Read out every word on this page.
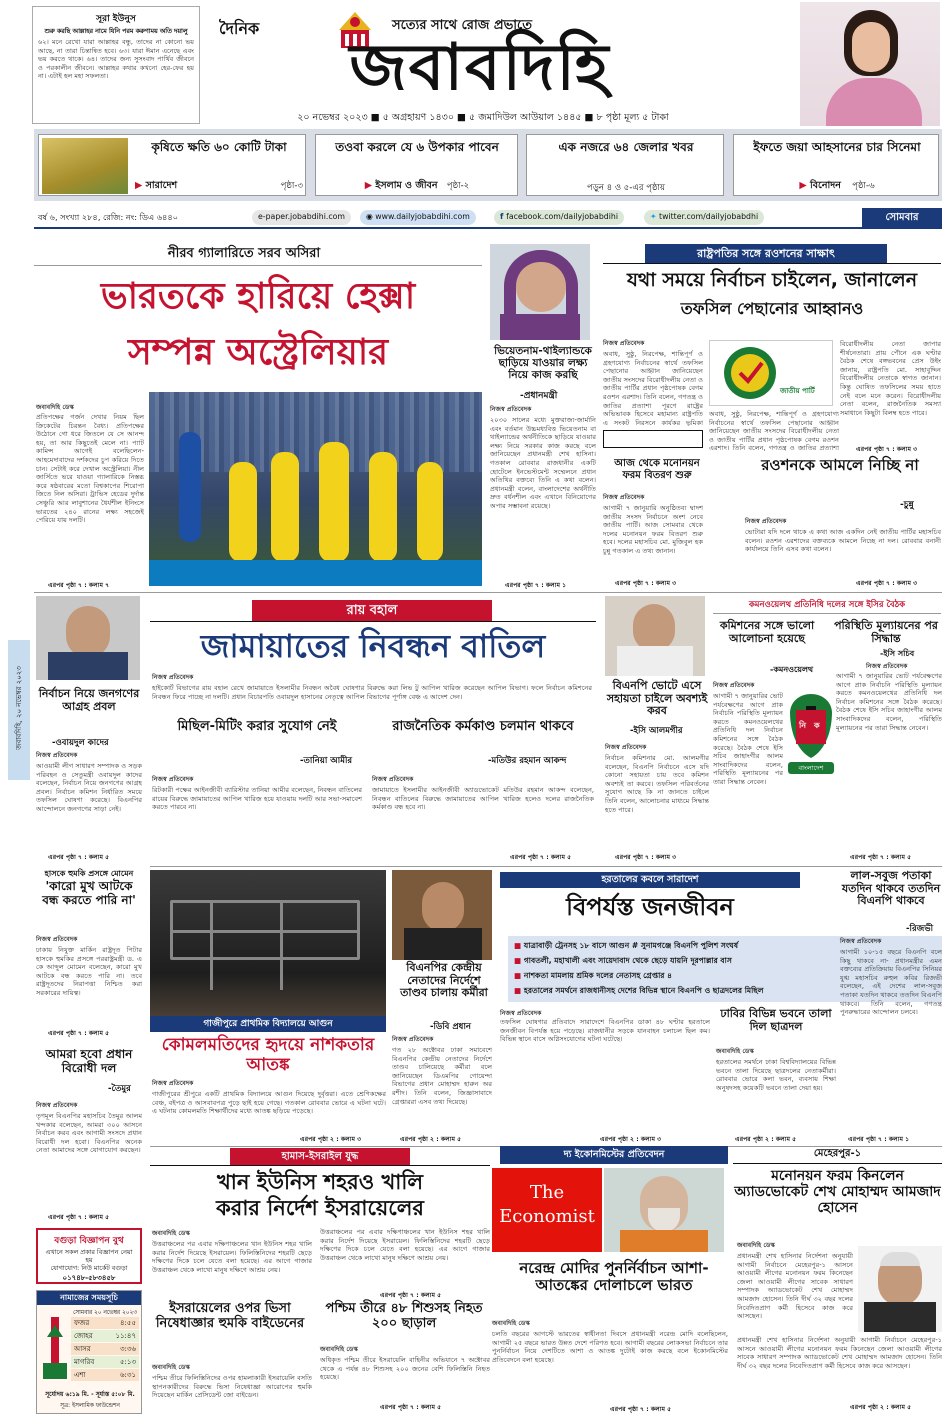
সূরা ইউনুস
শুরু করছি আল্লাহর নামে যিনি পরম করুণাময় অতি দয়ালু
৬২। মনে রেখো যারা আল্লাহর বন্ধু, তাদের না কোনো ভয় আছে, না তারা চিন্তান্বিত হবে। ৬৩। যারা ঈমান এনেছে এবং ভয় করতে থাকে। ৬৪। তাদের জন্য সুসংবাদ পার্থিব জীবনে ও পরকালীন জীবনে। আল্লাহর কথার কখনো হের-ফের হয় না। এটাই হল মহা সফলতা।
দৈনিক	সত্যের সাথে রোজ প্রভাতে
জবাবদিহি
২০ নভেম্বর ২০২৩ ■ ৫ অগ্রহায়ণ ১৪৩০ ■ ৫ জমাদিউল আউয়াল ১৪৪৫ ■ ৮ পৃষ্ঠা মূল্য ৫ টাকা
কৃষিতে ক্ষতি ৬০ কোটি টাকা
▶ সারাদেশ	পৃষ্ঠা-৩
তওবা করলে যে ৬ উপকার পাবেন
▶ ইসলাম ও জীবন পৃষ্ঠা-২
এক নজরে ৬৪ জেলার খবর
পড়ুন ৪ ও ৫-এর পৃষ্ঠায়
ইফতে জয়া আহসানের চার সিনেমা
▶ বিনোদন পৃষ্ঠা-৬
বর্ষ ৬, সংখ্যা ২৮৪, রেজি: নং: ডিএ ৬৪৪০	e-paper.jobabdihi.com	◉ www.dailyjobabdihi.com	f facebook.com/dailyjobabdihi	✦ twitter.com/dailyjobabdhi	সোমবার
জবাবদিহি, ২০ নভেম্বর ২০২৩
নীরব গ্যালারিতে সরব অসিরা
ভারতকে হারিয়ে হেক্সা
সম্পন্ন অস্ট্রেলিয়ার
জবাবদিহি ডেস্ক
প্রতিপক্ষের গর্জন দেখার নিয়ম ছিল ক্রিকেটের চিরন্তন বৈধ্য। প্রতিপক্ষের উঠোনে গো ধরে জিতলে যে সে আনন্দ হয়, তা আর কিছুতেই মেলে না। প্যাট কামিন্স আগেই বলেছিলেন- আহমেদাবাদের দর্শকদের চুপ করিয়ে দিতে চান। সেটাই করে দেখাল অস্ট্রেলিয়া। নীল জার্সিতে ভরে যাওয়া গ্যালারিকে নিস্তব্ধ করে ষষ্ঠবারের মতো বিশ্বকাপের শিরোপা জিতে নিল অসিরা। ট্রাভিস হেডের দুর্দান্ত সেঞ্চুরি আর লাবুশানের ধৈর্যশীল ইনিংসে ভারতের ২৪০ রানের লক্ষ্য সহজেই পেরিয়ে যায় দলটি।
এরপর পৃষ্ঠা ৭ : কলাম ৭
ভিয়েতনাম-থাইল্যান্ডকে ছাড়িয়ে যাওয়ার লক্ষ্য নিয়ে কাজ করছি
-প্রধানমন্ত্রী
নিজস্ব প্রতিবেদক
২০৩০ সালের মধ্যে মুক্তরাজ্য-জার্মানি এবং বর্তমান উচ্চমধ্যবিত্ত ভিয়েতনাম বা থাইল্যান্ডের অর্থনীতিকে ছাড়িয়ে যাওয়ার লক্ষ্য নিয়ে সরকার কাজ করছে বলে জানিয়েছেন প্রধানমন্ত্রী শেখ হাসিনা। গতকাল রোববার রাজধানীর একটি হোটেলে ইনভেস্টমেন্ট সম্মেলনে প্রধান অতিথির বক্তব্যে তিনি এ কথা বলেন। প্রধানমন্ত্রী বলেন, বাংলাদেশের অর্থনীতি দ্রুত বর্ধনশীল এবং এখানে বিনিয়োগের অপার সম্ভাবনা রয়েছে।
এরপর পৃষ্ঠা ৭ : কলাম ১
রাষ্ট্রপতির সঙ্গে রওশনের সাক্ষাৎ
যথা সময়ে নির্বাচন চাইলেন, জানালেন
তফসিল পেছানোর আহ্বানও
নিজস্ব প্রতিবেদক
অবাধ, সুষ্ঠু, নিরপেক্ষ, শান্তিপূর্ণ ও গ্রহণযোগ্য নির্বাচনের স্বার্থে তফসিল পেছানোর আহ্বান জানিয়েছেন জাতীয় সংসদের বিরোধীদলীয় নেতা ও জাতীয় পার্টির প্রধান পৃষ্ঠপোষক বেগম রওশন এরশাদ। তিনি বলেন, গণতন্ত্র ও জাতির প্রত্যাশা পূরণে রাষ্ট্রের অভিভাবক হিসেবে মহামান্য রাষ্ট্রপতি এ সংকট নিরসনে কার্যকর ভূমিকা
জাতীয় পার্টি
বিরোধীদলীয় নেতা জাপার শীর্ষনেতারা। প্রায় পৌনে এক ঘণ্টার বৈঠক শেষে বঙ্গভবনের প্রেস উইং জানায়, রাষ্ট্রপতি মো. সাহাবুদ্দিন বিরোধীদলীয় নেতাকে স্বাগত জানান। কিন্তু ঘোষিত তফসিলের সময় হাতে নেই বলে মনে করেন। বিরোধীদলীয় নেতা বলেন, রাজনৈতিক সমস্যা সমাধানে কিছুটা বিলম্ব হতে পারে।
অবাধ, সুষ্ঠু, নিরপেক্ষ, শান্তিপূর্ণ ও গ্রহণযোগ্য নির্বাচনের স্বার্থে তফসিল পেছানোর আহ্বান জানিয়েছেন জাতীয় সংসদের বিরোধীদলীয় নেতা ও জাতীয় পার্টির প্রধান পৃষ্ঠপোষক বেগম রওশন এরশাদ। তিনি বলেন, গণতন্ত্র ও জাতির প্রত্যাশা	এরপর পৃষ্ঠা ৭ : কলাম ৩
আজ থেকে মনোনয়ন ফরম বিতরণ শুরু
নিজস্ব প্রতিবেদক
আগামী ৭ জানুয়ারি অনুষ্ঠিতব্য দ্বাদশ জাতীয় সংসদ নির্বাচনে অংশ নেবে জাতীয় পার্টি। আজ সোমবার থেকে দলের মনোনয়ন ফরম বিতরণ শুরু হবে। দলের মহাসচিব মো. মুজিবুল হক চুন্নু গতকাল এ তথ্য জানান।
এরপর পৃষ্ঠা ৭ : কলাম ৩
রওশনকে আমলে নিচ্ছি না
-চুন্নু
নিজস্ব প্রতিবেদক
ভোটারা যদি দলে থাকে এ কথা আজ একদিন নেই জাতীয় পার্টির মহাসচিব বলেন। রওশন এরশাদের বক্তব্যকে আমলে নিচ্ছে না দল। রোববার বনানী কার্যালয়ে তিনি এসব কথা বলেন।
এরপর পৃষ্ঠা ৭ : কলাম ৩
নির্বাচন নিয়ে জনগণের আগ্রহ প্রবল
-ওবায়দুল কাদের
নিজস্ব প্রতিবেদক
আওয়ামী লীগ সাধারণ সম্পাদক ও সড়ক পরিবহন ও সেতুমন্ত্রী ওবায়দুল কাদের বলেছেন, নির্বাচন নিয়ে জনগণের আগ্রহ প্রবল। নির্বাচন কমিশন নির্ধারিত সময়ে তফসিল ঘোষণা করেছে। বিএনপির আন্দোলনে জনগণের সাড়া নেই।
এরপর পৃষ্ঠা ৭ : কলাম ৫
রায় বহাল
জামায়াতের নিবন্ধন বাতিল
নিজস্ব প্রতিবেদক
হাইকোর্ট বিভাগের রায় বহাল রেখে জামায়াতে ইসলামীর নিবন্ধন অবৈধ ঘোষণার বিরুদ্ধে করা লিভ টু আপিল খারিজ করেছেন আপিল বিভাগ। ফলে নির্বাচন কমিশনের নিবন্ধন ফিরে পাচ্ছে না দলটি। প্রধান বিচারপতি ওবায়দুল হাসানের নেতৃত্বে আপিল বিভাগের পূর্ণাঙ্গ বেঞ্চ এ আদেশ দেন।
মিছিল-মিটিং করার সুযোগ নেই
-তানিয়া আমীর
নিজস্ব প্রতিবেদক
রিটকারী পক্ষের আইনজীবী ব্যারিস্টার তানিয়া আমীর বলেছেন, নিবন্ধন বাতিলের রায়ের বিরুদ্ধে জামায়াতের আপিল খারিজ হয়ে যাওয়ায় দলটি আর সভা-সমাবেশ করতে পারবে না।
রাজনৈতিক কর্মকাণ্ড চলমান থাকবে
-মতিউর রহমান আকন্দ
নিজস্ব প্রতিবেদক
জামায়াতে ইসলামীর আইনজীবী অ্যাডভোকেট মতিউর রহমান আকন্দ বলেছেন, নিবন্ধন বাতিলের বিরুদ্ধে জামায়াতের আপিল খারিজ হলেও দলের রাজনৈতিক কর্মকাণ্ড বন্ধ হবে না।
এরপর পৃষ্ঠা ৭ : কলাম ৫
বিএনপি ভোটে এসে সহায়তা চাইলে অবশ্যই করব
-ইসি আলমগীর
নিজস্ব প্রতিবেদক
নির্বাচন কমিশনার মো. আলমগীর বলেছেন, বিএনপি নির্বাচনে এসে যদি কোনো সহায়তা চায় তবে কমিশন অবশ্যই তা করবে। তফসিল পরিবর্তনের সুযোগ আছে কি না জানতে চাইলে তিনি বলেন, আলোচনার মাধ্যমে সিদ্ধান্ত হতে পারে।
এরপর পৃষ্ঠা ৭ : কলাম ৩
কমনওয়েলথ প্রতিনিধি দলের সঙ্গে ইসির বৈঠক
কমিশনের সঙ্গে ভালো আলোচনা হয়েছে
-কমনওয়েলথ
পরিস্থিতি মূল্যায়নের পর সিদ্ধান্ত
-ইসি সচিব
নিজস্ব প্রতিবেদক
আগামী ৭ জানুয়ারির ভোট পর্যবেক্ষণের আগে প্রাক নির্বাচনি পরিস্থিতি মূল্যায়ন করতে কমনওয়েলথের প্রতিনিধি দল নির্বাচন কমিশনের সঙ্গে বৈঠক করেছে। বৈঠক শেষে ইসি সচিব জাহাংগীর আলম সাংবাদিকদের বলেন, পরিস্থিতি মূল্যায়নের পর তারা সিদ্ধান্ত নেবেন।
নিজস্ব প্রতিবেদক
আগামী ৭ জানুয়ারির ভোট পর্যবেক্ষণের আগে প্রাক নির্বাচনি পরিস্থিতি মূল্যায়ন করতে কমনওয়েলথের প্রতিনিধি দল নির্বাচন কমিশনের সঙ্গে বৈঠক করেছে। বৈঠক শেষে ইসি সচিব জাহাংগীর আলম সাংবাদিকদের বলেন, পরিস্থিতি মূল্যায়নের পর তারা সিদ্ধান্ত নেবেন।
নি ক
বাংলাদেশ
এরপর পৃষ্ঠা ৭ : কলাম ৫
হাসকে হুমকি প্রসঙ্গে মোমেন
'কারো মুখ আটকে বন্ধ করতে পারি না'
নিজস্ব প্রতিবেদক
ঢাকায় নিযুক্ত মার্কিন রাষ্ট্রদূত পিটার হাসকে হুমকির প্রসঙ্গে পররাষ্ট্রমন্ত্রী ড. এ কে আব্দুল মোমেন বলেছেন, কারো মুখ আটকে বন্ধ করতে পারি না। তবে রাষ্ট্রদূতদের নিরাপত্তা নিশ্চিত করা সরকারের দায়িত্ব।
এরপর পৃষ্ঠা ৭ : কলাম ৫
আমরা হবো প্রধান বিরোধী দল
-তৈমুর
নিজস্ব প্রতিবেদক
তৃণমূল বিএনপির মহাসচিব তৈমুর আলম খন্দকার বলেছেন, আমরা ৩০০ আসনে নির্বাচন করব এবং আগামী সংসদে প্রধান বিরোধী দল হবো। বিএনপির অনেক নেতা আমাদের সঙ্গে যোগাযোগ করছেন।
এরপর পৃষ্ঠা ৭ : কলাম ৫
বগুড়া বিজ্ঞাপন বুথ
এখানে সকল প্রকার বিজ্ঞাপন নেয়া হয়
যোগাযোগ: নিউ মার্কেট বগুড়া
০১৭৪৮-৫৮৩৪৫৮
নামাজের সময়সূচি
সোমবার ২০ নভেম্বর ২০২৩
ফজর	৪:৫৫
জোহর	১১:৪৭
আসর	৩:৩৬
মাগরিব	৫:১৩
এশা	৬:৩১
সূর্যোদয় ৬:১৯ মি. - সূর্যাস্ত ৫:০৮ মি.
সূত্র: ইসলামিক ফাউন্ডেশন
গাজীপুরে প্রাথমিক বিদ্যালয়ে আগুন
কোমলমতিদের হৃদয়ে নাশকতার আতঙ্ক
নিজস্ব প্রতিবেদক
গাজীপুরের শ্রীপুরে একটি প্রাথমিক বিদ্যালয়ে আগুন দিয়েছে দুর্বৃত্তরা। এতে শ্রেণিকক্ষের বেঞ্চ, বইপত্র ও আসবাবপত্র পুড়ে ছাই হয়ে গেছে। গতকাল রোববার ভোরে এ ঘটনা ঘটে। এ ঘটনায় কোমলমতি শিক্ষার্থীদের মধ্যে আতঙ্ক ছড়িয়ে পড়েছে।
এরপর পৃষ্ঠা ২ : কলাম ৩
বিএনপির কেন্দ্রীয় নেতাদের নির্দেশে তাণ্ডব চালায় কর্মীরা
-ডিবি প্রধান
নিজস্ব প্রতিবেদক
গত ২৮ অক্টোবর ঢাকা সমাবেশে বিএনপির কেন্দ্রীয় নেতাদের নির্দেশে তাণ্ডব চালিয়েছে কর্মীরা বলে জানিয়েছেন ডিএমপির গোয়েন্দা বিভাগের প্রধান মোহাম্মদ হারুন অর রশীদ। তিনি বলেন, জিজ্ঞাসাবাদে গ্রেপ্তাররা এসব তথ্য দিয়েছে।
এরপর পৃষ্ঠা ২ : কলাম ৫
হরতালের কবলে সারাদেশ
বিপর্যস্ত জনজীবন
■ যাত্রাবাড়ী ট্রেনসহ ১৮ বাসে আগুন # সুনামগঞ্জে বিএনপি পুলিশ সংঘর্ষ
■ গাবতলী, মহাখালী এবং সায়েদাবাদ থেকে ছেড়ে যায়নি দূরপাল্লার বাস
■ নাশকতা মামলায় শ্রমিক দলের নেতাসহ গ্রেপ্তার ৪
■ হরতালের সমর্থনে রাজধানীসহ দেশের বিভিন্ন স্থানে বিএনপি ও ছাত্রদলের মিছিল
নিজস্ব প্রতিবেদক
তফসিল ঘোষণার প্রতিবাদে সারাদেশে বিএনপির ডাকা ৪৮ ঘণ্টার হরতালে জনজীবন বিপর্যস্ত হয়ে পড়েছে। রাজধানীর সড়কে যানবাহন চলাচল ছিল কম। বিভিন্ন স্থানে বাসে অগ্নিসংযোগের ঘটনা ঘটেছে।
এরপর পৃষ্ঠা ২ : কলাম ৩
ঢাবির বিভিন্ন ভবনে তালা দিল ছাত্রদল
জবাবদিহি ডেস্ক
হরতালের সমর্থনে ঢাকা বিশ্ববিদ্যালয়ের বিভিন্ন ভবনে তালা দিয়েছে ছাত্রদলের নেতাকর্মীরা। রোববার ভোরে কলা ভবন, ব্যবসায় শিক্ষা অনুষদসহ কয়েকটি ভবনে তালা দেয়া হয়।
এরপর পৃষ্ঠা ২ : কলাম ৫
লাল-সবুজ পতাকা যতদিন থাকবে ততদিন বিএনপি থাকবে
-রিজভী
নিজস্ব প্রতিবেদক
আগামী ১০-১৫ বছরে বিএনপি বলে কিছু থাকবে না- প্রধানমন্ত্রীর এমন বক্তব্যের প্রতিক্রিয়ায় বিএনপির সিনিয়র যুগ্ম মহাসচিব রুহুল কবির রিজভী বলেছেন, এই দেশের লাল-সবুজ পতাকা যতদিন থাকবে ততদিন বিএনপি থাকবে। তিনি বলেন, গণতন্ত্র পুনরুদ্ধারের আন্দোলন চলবে।
এরপর পৃষ্ঠা ৭ : কলাম ১
হামাস-ইসরাইল যুদ্ধ
খান ইউনিস শহরও খালি
করার নির্দেশ ইসরায়েলের
জবাবদিহি ডেস্ক
উত্তরাঞ্চলের পর এবার দক্ষিণাঞ্চলের খান ইউনিস শহর খালি করার নির্দেশ দিয়েছে ইসরায়েল। ফিলিস্তিনিদের শহরটি ছেড়ে দক্ষিণের দিকে চলে যেতে বলা হয়েছে। এর আগে গাজার উত্তরাঞ্চল থেকে লাখো মানুষ দক্ষিণে আশ্রয় নেয়।
উত্তরাঞ্চলের পর এবার দক্ষিণাঞ্চলের খান ইউনিস শহর খালি করার নির্দেশ দিয়েছে ইসরায়েল। ফিলিস্তিনিদের শহরটি ছেড়ে দক্ষিণের দিকে চলে যেতে বলা হয়েছে। এর আগে গাজার উত্তরাঞ্চল থেকে লাখো মানুষ দক্ষিণে আশ্রয় নেয়।
এরপর পৃষ্ঠা ৭ : কলাম ৫
ইসরায়েলের ওপর ভিসা নিষেধাজ্ঞার হুমকি বাইডেনের
জবাবদিহি ডেস্ক
পশ্চিম তীরে ফিলিস্তিনিদের ওপর হামলাকারী ইসরায়েলি বসতি স্থাপনকারীদের বিরুদ্ধে ভিসা নিষেধাজ্ঞা আরোপের হুমকি দিয়েছেন মার্কিন প্রেসিডেন্ট জো বাইডেন।
পশ্চিম তীরে ৪৮ শিশুসহ নিহত ২০০ ছাড়াল
জবাবদিহি ডেস্ক
অধিকৃত পশ্চিম তীরে ইসরায়েলি বাহিনীর অভিযানে ৭ অক্টোবর থেকে এ পর্যন্ত ৪৮ শিশুসহ ২০০ জনের বেশি ফিলিস্তিনি নিহত হয়েছে।
এরপর পৃষ্ঠা ৭ : কলাম ৫
দ্য ইকোনমিস্টের প্রতিবেদন
The
Economist
নরেন্দ্র মোদির পুনর্নির্বাচন আশা-আতঙ্কের দোলাচলে ভারত
জবাবদিহি ডেস্ক
চলতি বছরের আগস্টে ভারতের স্বাধীনতা দিবসে প্রধানমন্ত্রী নরেন্দ্র মোদি বলেছিলেন, আগামী ২৫ বছরে ভারত উন্নত দেশে পরিণত হবে। আগামী বছরের লোকসভা নির্বাচনে তার পুনর্নির্বাচন নিয়ে দেশটিতে আশা ও আতঙ্ক দুটোই কাজ করছে বলে ইকোনমিস্টের প্রতিবেদনে বলা হয়েছে।
এরপর পৃষ্ঠা ৭ : কলাম ৫
মেহেরপুর-১
মনোনয়ন ফরম কিনলেন অ্যাডভোকেট শেখ মোহাম্মদ আমজাদ হোসেন
জবাবদিহি ডেস্ক
প্রধানমন্ত্রী শেখ হাসিনার নির্দেশনা অনুযায়ী আগামী নির্বাচনে মেহেরপুর-১ আসনে আওয়ামী লীগের মনোনয়ন ফরম কিনেছেন জেলা আওয়ামী লীগের সাবেক সাধারণ সম্পাদক অ্যাডভোকেট শেখ মোহাম্মদ আমজাদ হোসেন। তিনি দীর্ঘ ৩২ বছর দলের নিবেদিতপ্রাণ কর্মী হিসেবে কাজ করে আসছেন।
প্রধানমন্ত্রী শেখ হাসিনার নির্দেশনা অনুযায়ী আগামী নির্বাচনে মেহেরপুর-১ আসনে আওয়ামী লীগের মনোনয়ন ফরম কিনেছেন জেলা আওয়ামী লীগের সাবেক সাধারণ সম্পাদক অ্যাডভোকেট শেখ মোহাম্মদ আমজাদ হোসেন। তিনি দীর্ঘ ৩২ বছর দলের নিবেদিতপ্রাণ কর্মী হিসেবে কাজ করে আসছেন।
এরপর পৃষ্ঠা ২ : কলাম ৫
